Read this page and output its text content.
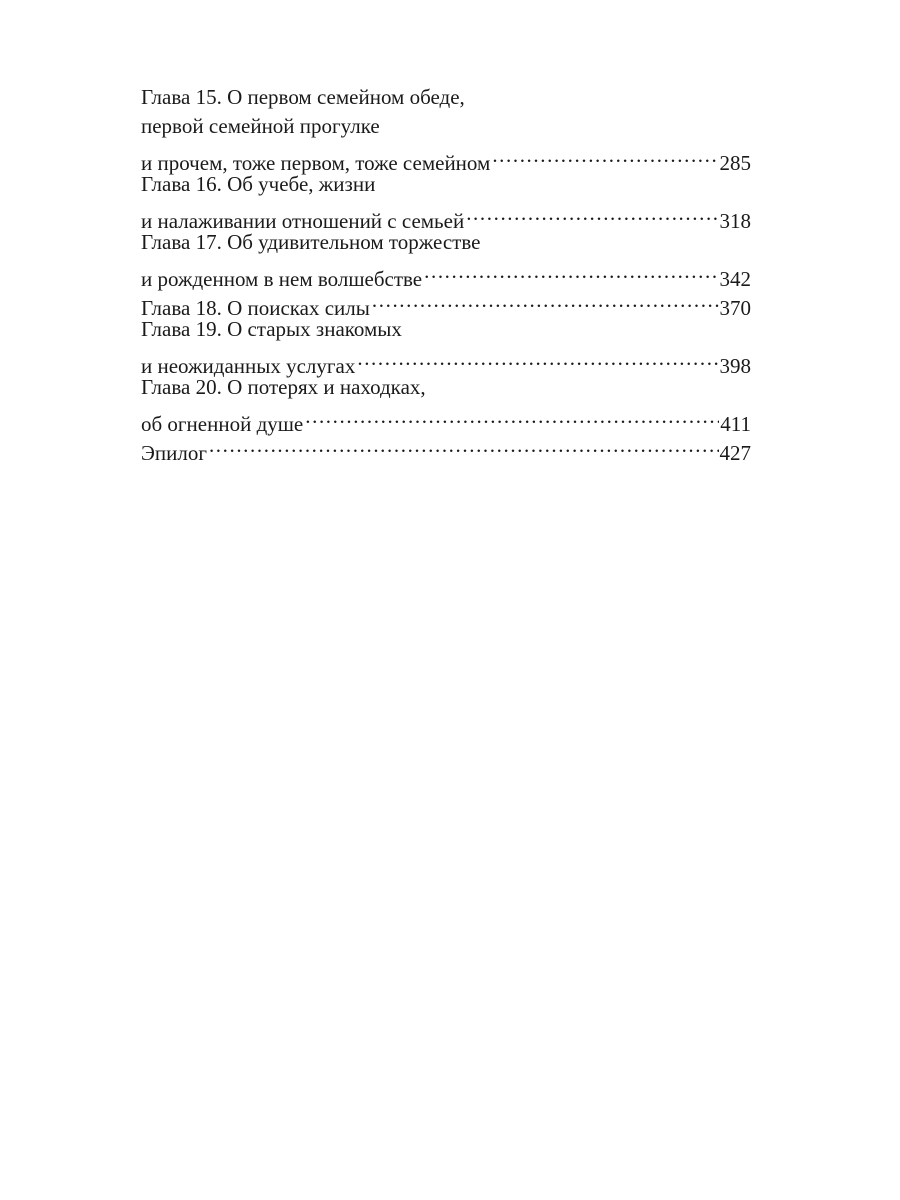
Глава 15. О первом семейном обеде,
первой семейной прогулке
и прочем, тоже первом, тоже семейном .....	285
Глава 16. Об учебе, жизни
и налаживании отношений с семьей .....	318
Глава 17. Об удивительном торжестве
и рожденном в нем волшебстве .....	342
Глава 18. О поисках силы .....	370
Глава 19. О старых знакомых
и неожиданных услугах .....	398
Глава 20. О потерях и находках,
об огненной душе .....	411
Эпилог .....	427
